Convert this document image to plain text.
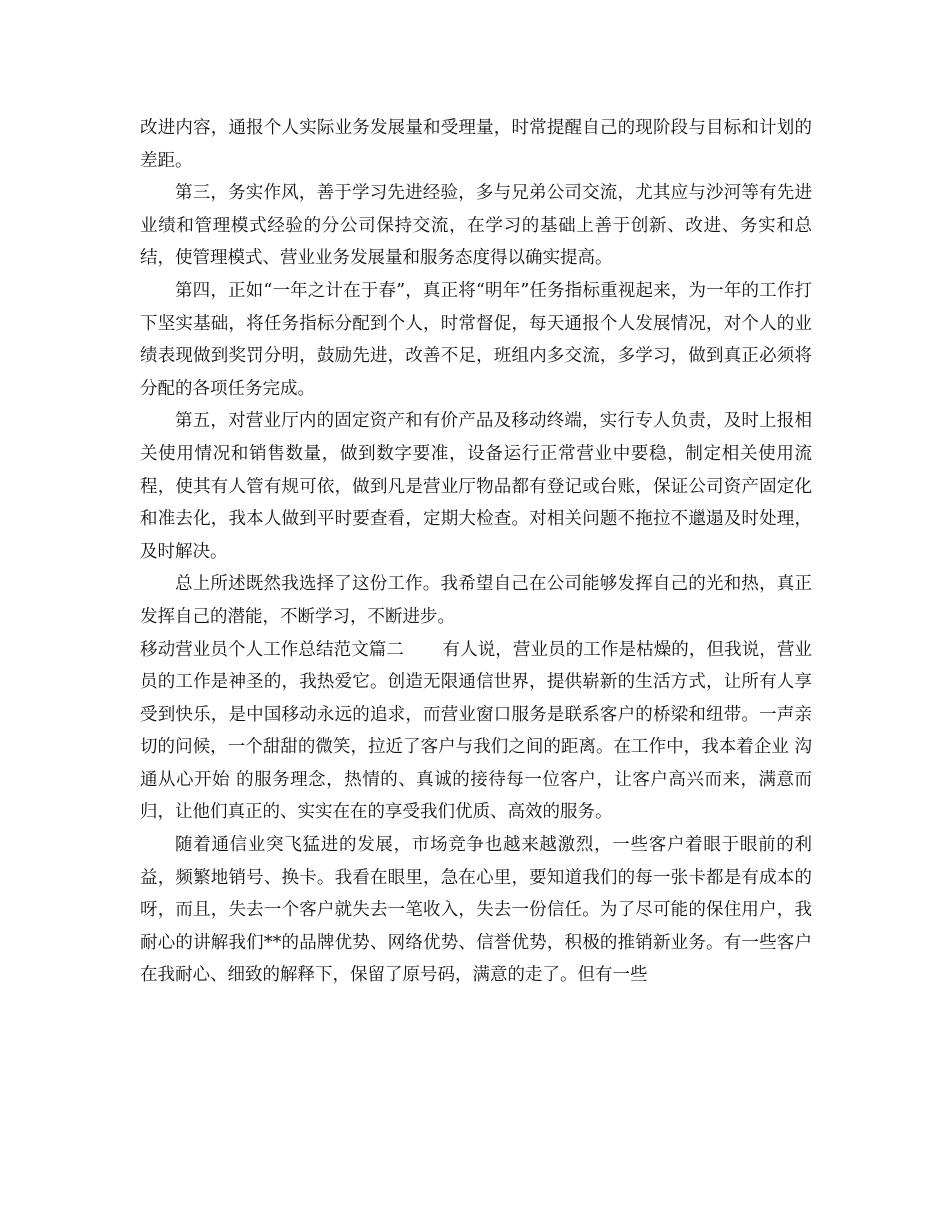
改进内容，通报个人实际业务发展量和受理量，时常提醒自己的现阶段与目标和计划的差距。

第三，务实作风，善于学习先进经验，多与兄弟公司交流，尤其应与沙河等有先进业绩和管理模式经验的分公司保持交流，在学习的基础上善于创新、改进、务实和总结，使管理模式、营业业务发展量和服务态度得以确实提高。

第四，正如“一年之计在于春”，真正将“明年”任务指标重视起来，为一年的工作打下坚实基础，将任务指标分配到个人，时常督促，每天通报个人发展情况，对个人的业绩表现做到奖罚分明，鼓励先进，改善不足，班组内多交流，多学习，做到真正必须将分配的各项任务完成。

第五，对营业厅内的固定资产和有价产品及移动终端，实行专人负责，及时上报相关使用情况和销售数量，做到数字要准，设备运行正常营业中要稳，制定相关使用流程，使其有人管有规可依，做到凡是营业厅物品都有登记或台账，保证公司资产固定化和准去化，我本人做到平时要查看，定期大检查。对相关问题不拖拉不邋遢及时处理，及时解决。

总上所述既然我选择了这份工作。我希望自己在公司能够发挥自己的光和热，真正发挥自己的潜能，不断学习，不断进步。

移动营业员个人工作总结范文篇二 有人说，营业员的工作是枯燥的，但我说，营业员的工作是神圣的，我热爱它。创造无限通信世界，提供崭新的生活方式，让所有人享受到快乐，是中国移动永远的追求，而营业窗口服务是联系客户的桥梁和纽带。一声亲切的问候，一个甜甜的微笑，拉近了客户与我们之间的距离。在工作中，我本着企业 沟通从心开始 的服务理念，热情的、真诚的接待每一位客户，让客户高兴而来，满意而归，让他们真正的、实实在在的享受我们优质、高效的服务。

随着通信业突飞猛进的发展，市场竞争也越来越激烈，一些客户着眼于眼前的利益，频繁地销号、换卡。我看在眼里，急在心里，要知道我们的每一张卡都是有成本的呀，而且，失去一个客户就失去一笔收入，失去一份信任。为了尽可能的保住用户，我耐心的讲解我们**的品牌优势、网络优势、信誉优势，积极的推销新业务。有一些客户在我耐心、细致的解释下，保留了原号码，满意的走了。但有一些
